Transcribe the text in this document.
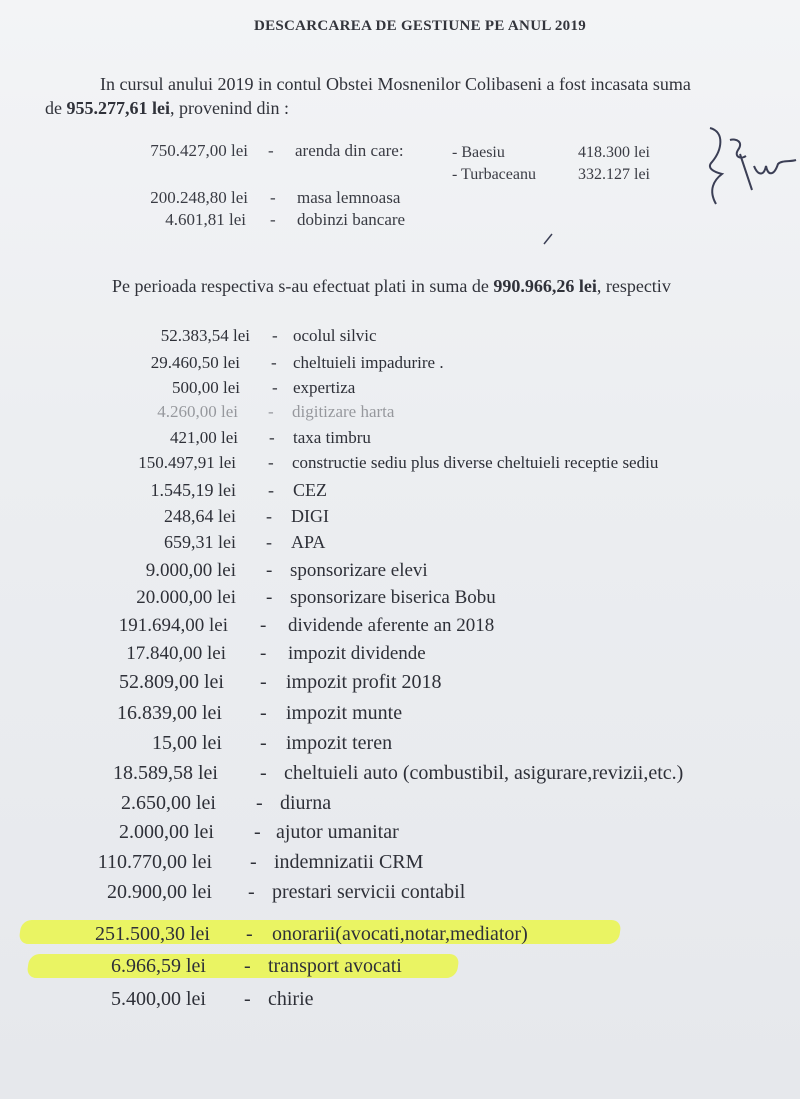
DESCARCAREA DE GESTIUNE PE ANUL 2019
In cursul anului 2019 in contul Obstei Mosnenilor Colibaseni a fost incasata suma
de 955.277,61 lei, provenind din :
750.427,00 lei - arenda din care:
200.248,80 lei - masa lemnoasa
4.601,81 lei - dobinzi bancare
- Baesiu	418.300 lei
- Turbaceanu	332.127 lei
Pe perioada respectiva s-au efectuat plati in suma de 990.966,26 lei, respectiv
52.383,54 lei - ocolul silvic
29.460,50 lei - cheltuieli impadurire .
500,00 lei - expertiza
4.260,00 lei - digitizare harta
421,00 lei - taxa timbru
150.497,91 lei - constructie sediu plus diverse cheltuieli receptie sediu
1.545,19 lei - CEZ
248,64 lei - DIGI
659,31 lei - APA
9.000,00 lei - sponsorizare elevi
20.000,00 lei - sponsorizare biserica Bobu
191.694,00 lei - dividende aferente an 2018
17.840,00 lei - impozit dividende
52.809,00 lei - impozit profit 2018
16.839,00 lei - impozit munte
15,00 lei - impozit teren
18.589,58 lei - cheltuieli auto (combustibil, asigurare,revizii,etc.)
2.650,00 lei - diurna
2.000,00 lei - ajutor umanitar
110.770,00 lei - indemnizatii CRM
20.900,00 lei - prestari servicii contabil
251.500,30 lei - onorarii(avocati,notar,mediator)
6.966,59 lei - transport avocati
5.400,00 lei - chirie
